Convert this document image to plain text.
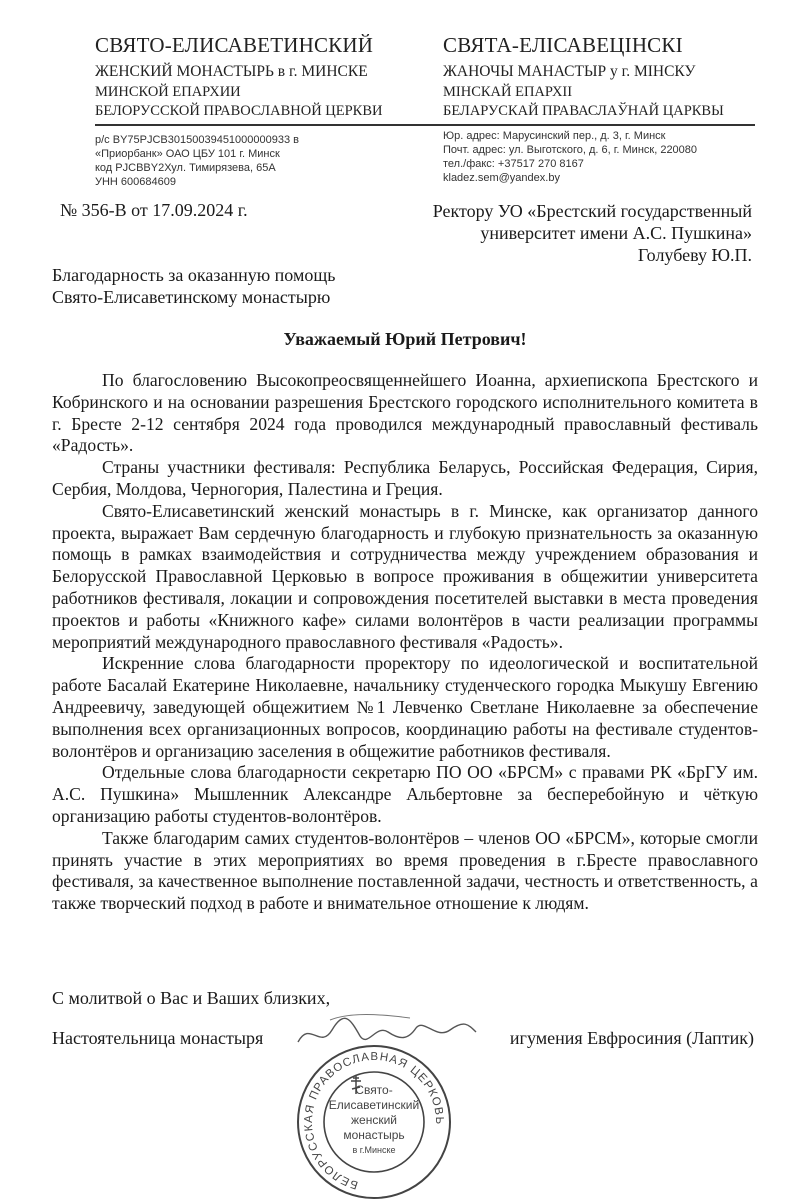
СВЯТО-ЕЛИСАВЕТИНСКИЙ
ЖЕНСКИЙ МОНАСТЫРЬ в г. МИНСКЕ
МИНСКОЙ ЕПАРХИИ
БЕЛОРУССКОЙ ПРАВОСЛАВНОЙ ЦЕРКВИ
СВЯТА-ЕЛІСАВЕЦІНСКІ
ЖАНОЧЫ МАНАСТЫР у г. МІНСКУ
МІНСКАЙ ЕПАРХІІ
БЕЛАРУСКАЙ ПРАВАСЛАЎНАЙ ЦАРКВЫ
р/с BY75PJCB30150039451000000933 в
«Приорбанк» ОАО ЦБУ 101 г. Минск
код PJCBBY2Хул. Тимирязева, 65А
УНН 600684609
Юр. адрес: Марусинский пер., д. 3, г. Минск
Почт. адрес: ул. Выготского, д. 6, г. Минск, 220080
тел./факс: +37517 270 8167
kladez.sem@yandex.by
№ 356-В от 17.09.2024 г.	Ректору УО «Брестский государственный
университет имени А.С. Пушкина»
Голубеву Ю.П.
Благодарность за оказанную помощь
Свято-Елисаветинскому монастырю
Уважаемый Юрий Петрович!

По благословению Высокопреосвященнейшего Иоанна, архиепископа Брестского и Кобринского и на основании разрешения Брестского городского исполнительного комитета в г. Бресте 2-12 сентября 2024 года проводился международный православный фестиваль «Радость».

Страны участники фестиваля: Республика Беларусь, Российская Федерация, Сирия, Сербия, Молдова, Черногория, Палестина и Греция.

Свято-Елисаветинский женский монастырь в г. Минске, как организатор данного проекта, выражает Вам сердечную благодарность и глубокую признательность за оказанную помощь в рамках взаимодействия и сотрудничества между учреждением образования и Белорусской Православной Церковью в вопросе проживания в общежитии университета работников фестиваля, локации и сопровождения посетителей выставки в места проведения проектов и работы «Книжного кафе» силами волонтёров в части реализации программы мероприятий международного православного фестиваля «Радость».

Искренние слова благодарности проректору по идеологической и воспитательной работе Басалай Екатерине Николаевне, начальнику студенческого городка Мыкушу Евгению Андреевичу, заведующей общежитием №1 Левченко Светлане Николаевне за обеспечение выполнения всех организационных вопросов, координацию работы на фестивале студентов-волонтёров и организацию заселения в общежитие работников фестиваля.

Отдельные слова благодарности секретарю ПО ОО «БРСМ» с правами РК «БрГУ им. А.С. Пушкина» Мышленник Александре Альбертовне за бесперебойную и чёткую организацию работы студентов-волонтёров.

Также благодарим самих студентов-волонтёров – членов ОО «БРСМ», которые смогли принять участие в этих мероприятиях во время проведения в г.Бресте православного фестиваля, за качественное выполнение поставленной задачи, честность и ответственность, а также творческий подход в работе и внимательное отношение к людям.

С молитвой о Вас и Ваших близких,
Настоятельница монастыря	игумения Евфросиния (Лаптик)
БЕЛОРУССКАЯ ПРАВОСЛАВНАЯ ЦЕРКОВЬ
Свято-
Елисаветинский
женский
монастырь
в г.Минске
